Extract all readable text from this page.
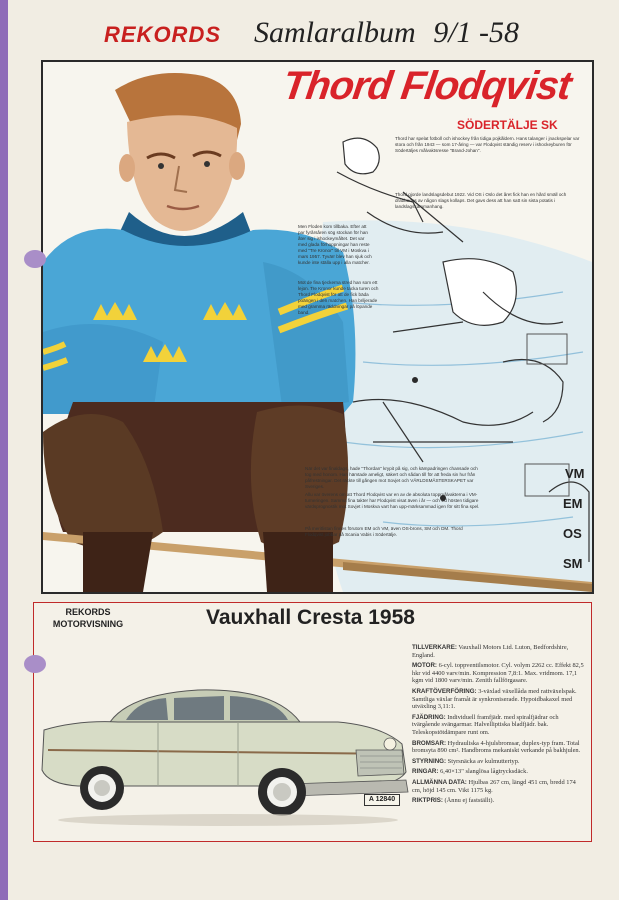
REKORDS Samlaralbum 9/1 -58
Thord Flodqvist
SÖDERTÄLJE SK
Thord har spelat fotboll och ishockey från tidiga pojkåldern. Hans talanger i jnackspelar var stora och från 1943 — som 17-åring — var Flodqvist ständig reserv i ishockeyburen för Södertäljes målvaktsresse "Brand-Johan".
Thord gjorde landslagsdebut 1922. Vid OS i Oslo det året fick han en hård smäll och drabbades av någon slags kollaps. Det gavs dess att han satt sin sista potatis i landslagssammanhang.
Men Floden kom tillbaka. Efter att par fyrårsåren sög stockan för han åter sig i ishockeymåltet. Det var med glada förhoppningar han reste med "Tre Kronor" till VM i Moskva i mars 1957. Tyvärr blev han sjuk och kunde inte ställa upp i alla matcher.
Mot de fina tjeckerna stred han som ett lejon. Tre Kronor kunde tacka turen och Thord Flodqvist för att de fick bäda poängen i den matchen. Han briljerade med gramma räddningar på löpande band.
När det var finaldags, hade "Thordan" krypit på sig, och kämpadringen chansade och tog med honom. Han hämtade ameligt, säkert och sådan till för att freda sin hur från påfrestningar. Det räckte till gången mot Sovjet och VÄRLDSMÄSTERSKAPET var Sveriges.
Allu var överens om att Thord Flodqvist var en av de absoluta toppmålvakterna i VM-turneringen. Samma fina takter har Flodqvist visat även i år — och vid hösten tidigare värdsprognostik mot Sovjet i Moskva vart han upp-märksammad igen för sitt fina spel.
På meritlistan finnes förutom EM och VM, även OS-brons, SM och DM. Thord Flodqvist jobbar på Scania Vabis i Södertälje.
VM
EM
OS
SM
REKORDS
MOTORVISNING	Vauxhall Cresta 1958
A 12840
TILLVERKARE: Vauxhall Motors Ltd. Luton, Bedfordshire, England.
MOTOR: 6-cyl. toppventilsmotor. Cyl. volym 2262 cc. Effekt 82,5 hkr vid 4400 varv/min. Kompression 7,8:1. Max. vridmom. 17,1 kgm vid 1800 varv/min. Zenith fallförgasare.
KRAFTÖVERFÖRING: 3-växlad växellåda med rattväxelspak. Samtliga växlar framåt är synkroniserade. Hypoidbakaxel med utväxling 3,11:1.
FJÄDRING: Individuell framfjädr. med spiralfjädrar och tvärgående svängarmar. Halvelliptiska bladfjädr. bak. Teleskopstötdämpare runt om.
BROMSAR: Hydrauliska 4-hjulsbromsar, duplex-typ fram. Total bromsyta 890 cm². Handbroms mekaniskt verkande på bakhjulen.
STYRNING: Styrsnäcka av kulmuttertyp.
RINGAR: 6,40×13" slanglösa lågtrycksdäck.
ALLMÄNNA DATA: Hjulbas 267 cm, längd 451 cm, bredd 174 cm, höjd 145 cm. Vikt 1175 kg.
RIKTPRIS: (Ännu ej fastställt).
